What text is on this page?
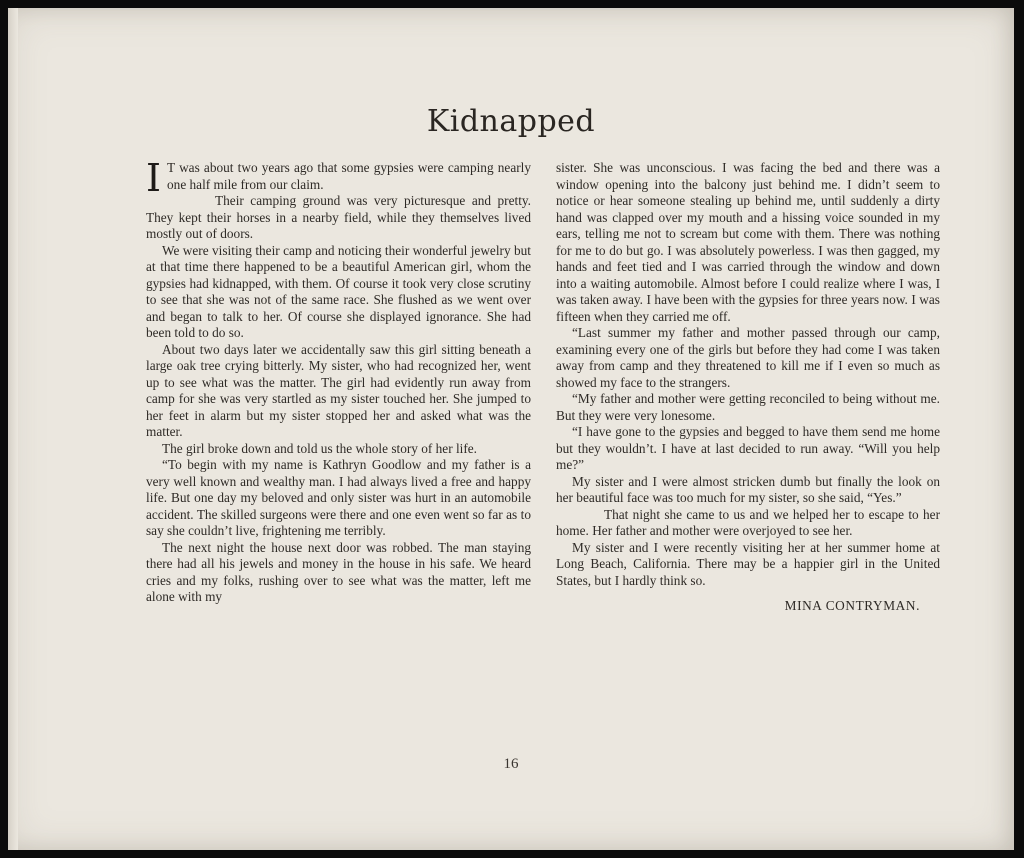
Kidnapped

I T was about two years ago that some gypsies were camping nearly one half mile from our claim.

Their camping ground was very picturesque and pretty. They kept their horses in a nearby field, while they themselves lived mostly out of doors.

We were visiting their camp and noticing their wonderful jewelry but at that time there happened to be a beautiful American girl, whom the gypsies had kidnapped, with them. Of course it took very close scrutiny to see that she was not of the same race. She flushed as we went over and began to talk to her. Of course she displayed ignorance. She had been told to do so.

About two days later we accidentally saw this girl sitting beneath a large oak tree crying bitterly. My sister, who had recognized her, went up to see what was the matter. The girl had evidently run away from camp for she was very startled as my sister touched her. She jumped to her feet in alarm but my sister stopped her and asked what was the matter.

The girl broke down and told us the whole story of her life.

“To begin with my name is Kathryn Goodlow and my father is a very well known and wealthy man. I had always lived a free and happy life. But one day my beloved and only sister was hurt in an automobile accident. The skilled surgeons were there and one even went so far as to say she couldn’t live, frightening me terribly.

The next night the house next door was robbed. The man staying there had all his jewels and money in the house in his safe. We heard cries and my folks, rushing over to see what was the matter, left me alone with my

sister. She was unconscious. I was facing the bed and there was a window opening into the balcony just behind me. I didn’t seem to notice or hear someone stealing up behind me, until suddenly a dirty hand was clapped over my mouth and a hissing voice sounded in my ears, telling me not to scream but come with them. There was nothing for me to do but go. I was absolutely powerless. I was then gagged, my hands and feet tied and I was carried through the window and down into a waiting automobile. Almost before I could realize where I was, I was taken away. I have been with the gypsies for three years now. I was fifteen when they carried me off.

“Last summer my father and mother passed through our camp, examining every one of the girls but before they had come I was taken away from camp and they threatened to kill me if I even so much as showed my face to the strangers.

“My father and mother were getting reconciled to being without me. But they were very lonesome.

“I have gone to the gypsies and begged to have them send me home but they wouldn’t. I have at last decided to run away. “Will you help me?”

My sister and I were almost stricken dumb but finally the look on her beautiful face was too much for my sister, so she said, “Yes.”

That night she came to us and we helped her to escape to her home. Her father and mother were overjoyed to see her.

My sister and I were recently visiting her at her summer home at Long Beach, California. There may be a happier girl in the United States, but I hardly think so.

MINA CONTRYMAN.
16
